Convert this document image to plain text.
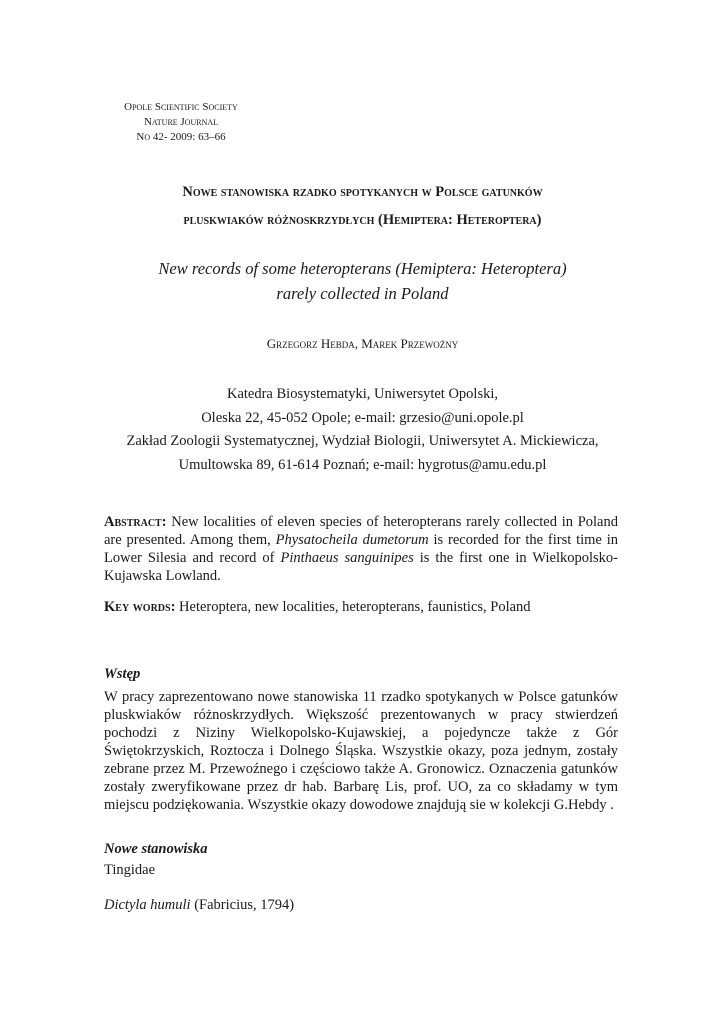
Opole Scientific Society
Nature Journal
No 42- 2009: 63–66
Nowe stanowiska rzadko spotykanych w Polsce gatunków
pluskwiaków różnoskrzydłych (Hemiptera: Heteroptera)
New records of some heteropterans (Hemiptera: Heteroptera)
rarely collected in Poland
Grzegorz Hebda, Marek Przewoźny
Katedra Biosystematyki, Uniwersytet Opolski,
Oleska 22, 45-052 Opole; e-mail: grzesio@uni.opole.pl
Zakład Zoologii Systematycznej, Wydział Biologii, Uniwersytet A. Mickiewicza,
Umultowska 89, 61-614 Poznań; e-mail: hygrotus@amu.edu.pl
Abstract: New localities of eleven species of heteropterans rarely collected in Poland are presented. Among them, Physatocheila dumetorum is recorded for the first time in Lower Silesia and record of Pinthaeus sanguinipes is the first one in Wielkopolsko-Kujawska Lowland.
Key words: Heteroptera, new localities, heteropterans, faunistics, Poland
Wstęp
W pracy zaprezentowano nowe stanowiska 11 rzadko spotykanych w Polsce gatunków pluskwiaków różnoskrzydłych. Większość prezentowanych w pracy stwierdzeń pochodzi z Niziny Wielkopolsko-Kujawskiej, a pojedyncze także z Gór Świętokrzyskich, Roztocza i Dolnego Śląska. Wszystkie okazy, poza jednym, zostały zebrane przez M. Przewoźnego i częściowo także A. Gronowicz. Oznaczenia gatunków zostały zweryfikowane przez dr hab. Barbarę Lis, prof. UO, za co składamy w tym miejscu podziękowania. Wszystkie okazy dowodowe znajdują sie w kolekcji G.Hebdy .
Nowe stanowiska
Tingidae
Dictyla humuli (Fabricius, 1794)
